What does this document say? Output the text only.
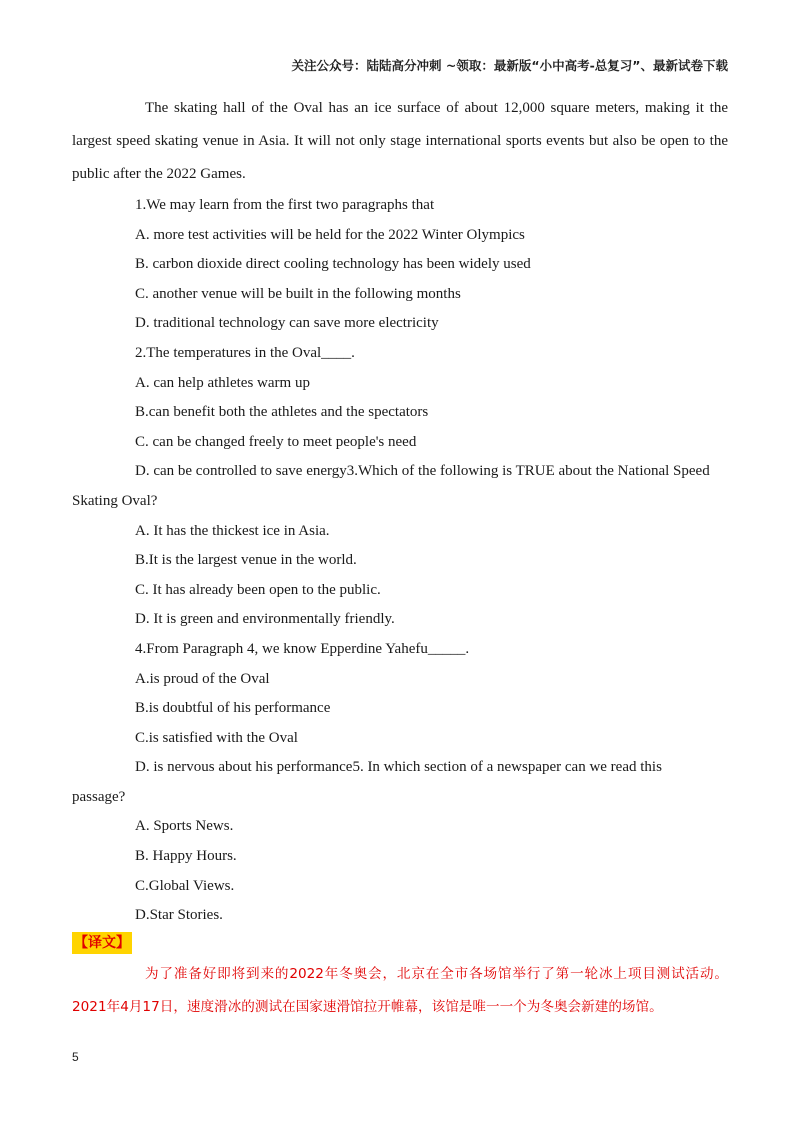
关注公众号：陆陆高分冲刺 ~领取：最新版“小中高考-总复习”、最新试卷下载

The skating hall of the Oval has an ice surface of about 12,000 square meters, making it the largest speed skating venue in Asia. It will not only stage international sports events but also be open to the public after the 2022 Games.

1.We may learn from the first two paragraphs that

A. more test activities will be held for the 2022 Winter Olympics

B. carbon dioxide direct cooling technology has been widely used

C. another venue will be built in the following months

D. traditional technology can save more electricity

2.The temperatures in the Oval____.

A. can help athletes warm up

B.can benefit both the athletes and the spectators

C. can be changed freely to meet people's need

D. can be controlled to save energy3.Which of the following is TRUE about the National Speed

Skating Oval?

A. It has the thickest ice in Asia.

B.It is the largest venue in the world.

C. It has already been open to the public.

D. It is green and environmentally friendly.

4.From Paragraph 4, we know Epperdine Yahefu_____.

A.is proud of the Oval

B.is doubtful of his performance

C.is satisfied with the Oval

D. is nervous about his performance5. In which section of a newspaper can we read this

passage?

A. Sports News.

B. Happy Hours.

C.Global Views.

D.Star Stories.

【译文】

为了准备好即将到来的2022年冬奥会，北京在全市各场馆举行了第一轮冰上项目测试活动。2021年4月17日，速度滑冰的测试在国家速滑馆拉开帷幕，该馆是唯一一个为冬奥会新建的场馆。

5
